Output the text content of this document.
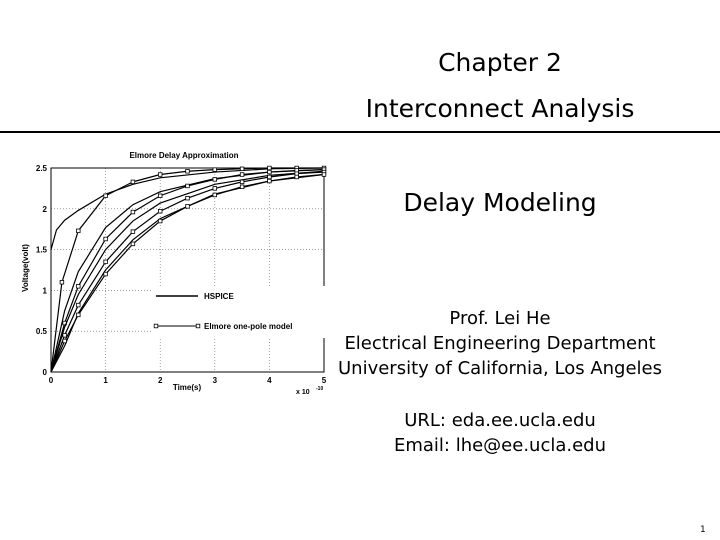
Chapter 2
Interconnect Analysis
Delay Modeling
Prof. Lei He
Electrical Engineering Department
University of California, Los Angeles
URL: eda.ee.ucla.edu
Email: lhe@ee.ucla.edu
1
Elmore Delay Approximation
Voltage(volt)
Time(s)
x 10 -10
0	1	2	3	4	5
0
0.5
1
1.5
2
2.5
HSPICE
Elmore one-pole model
